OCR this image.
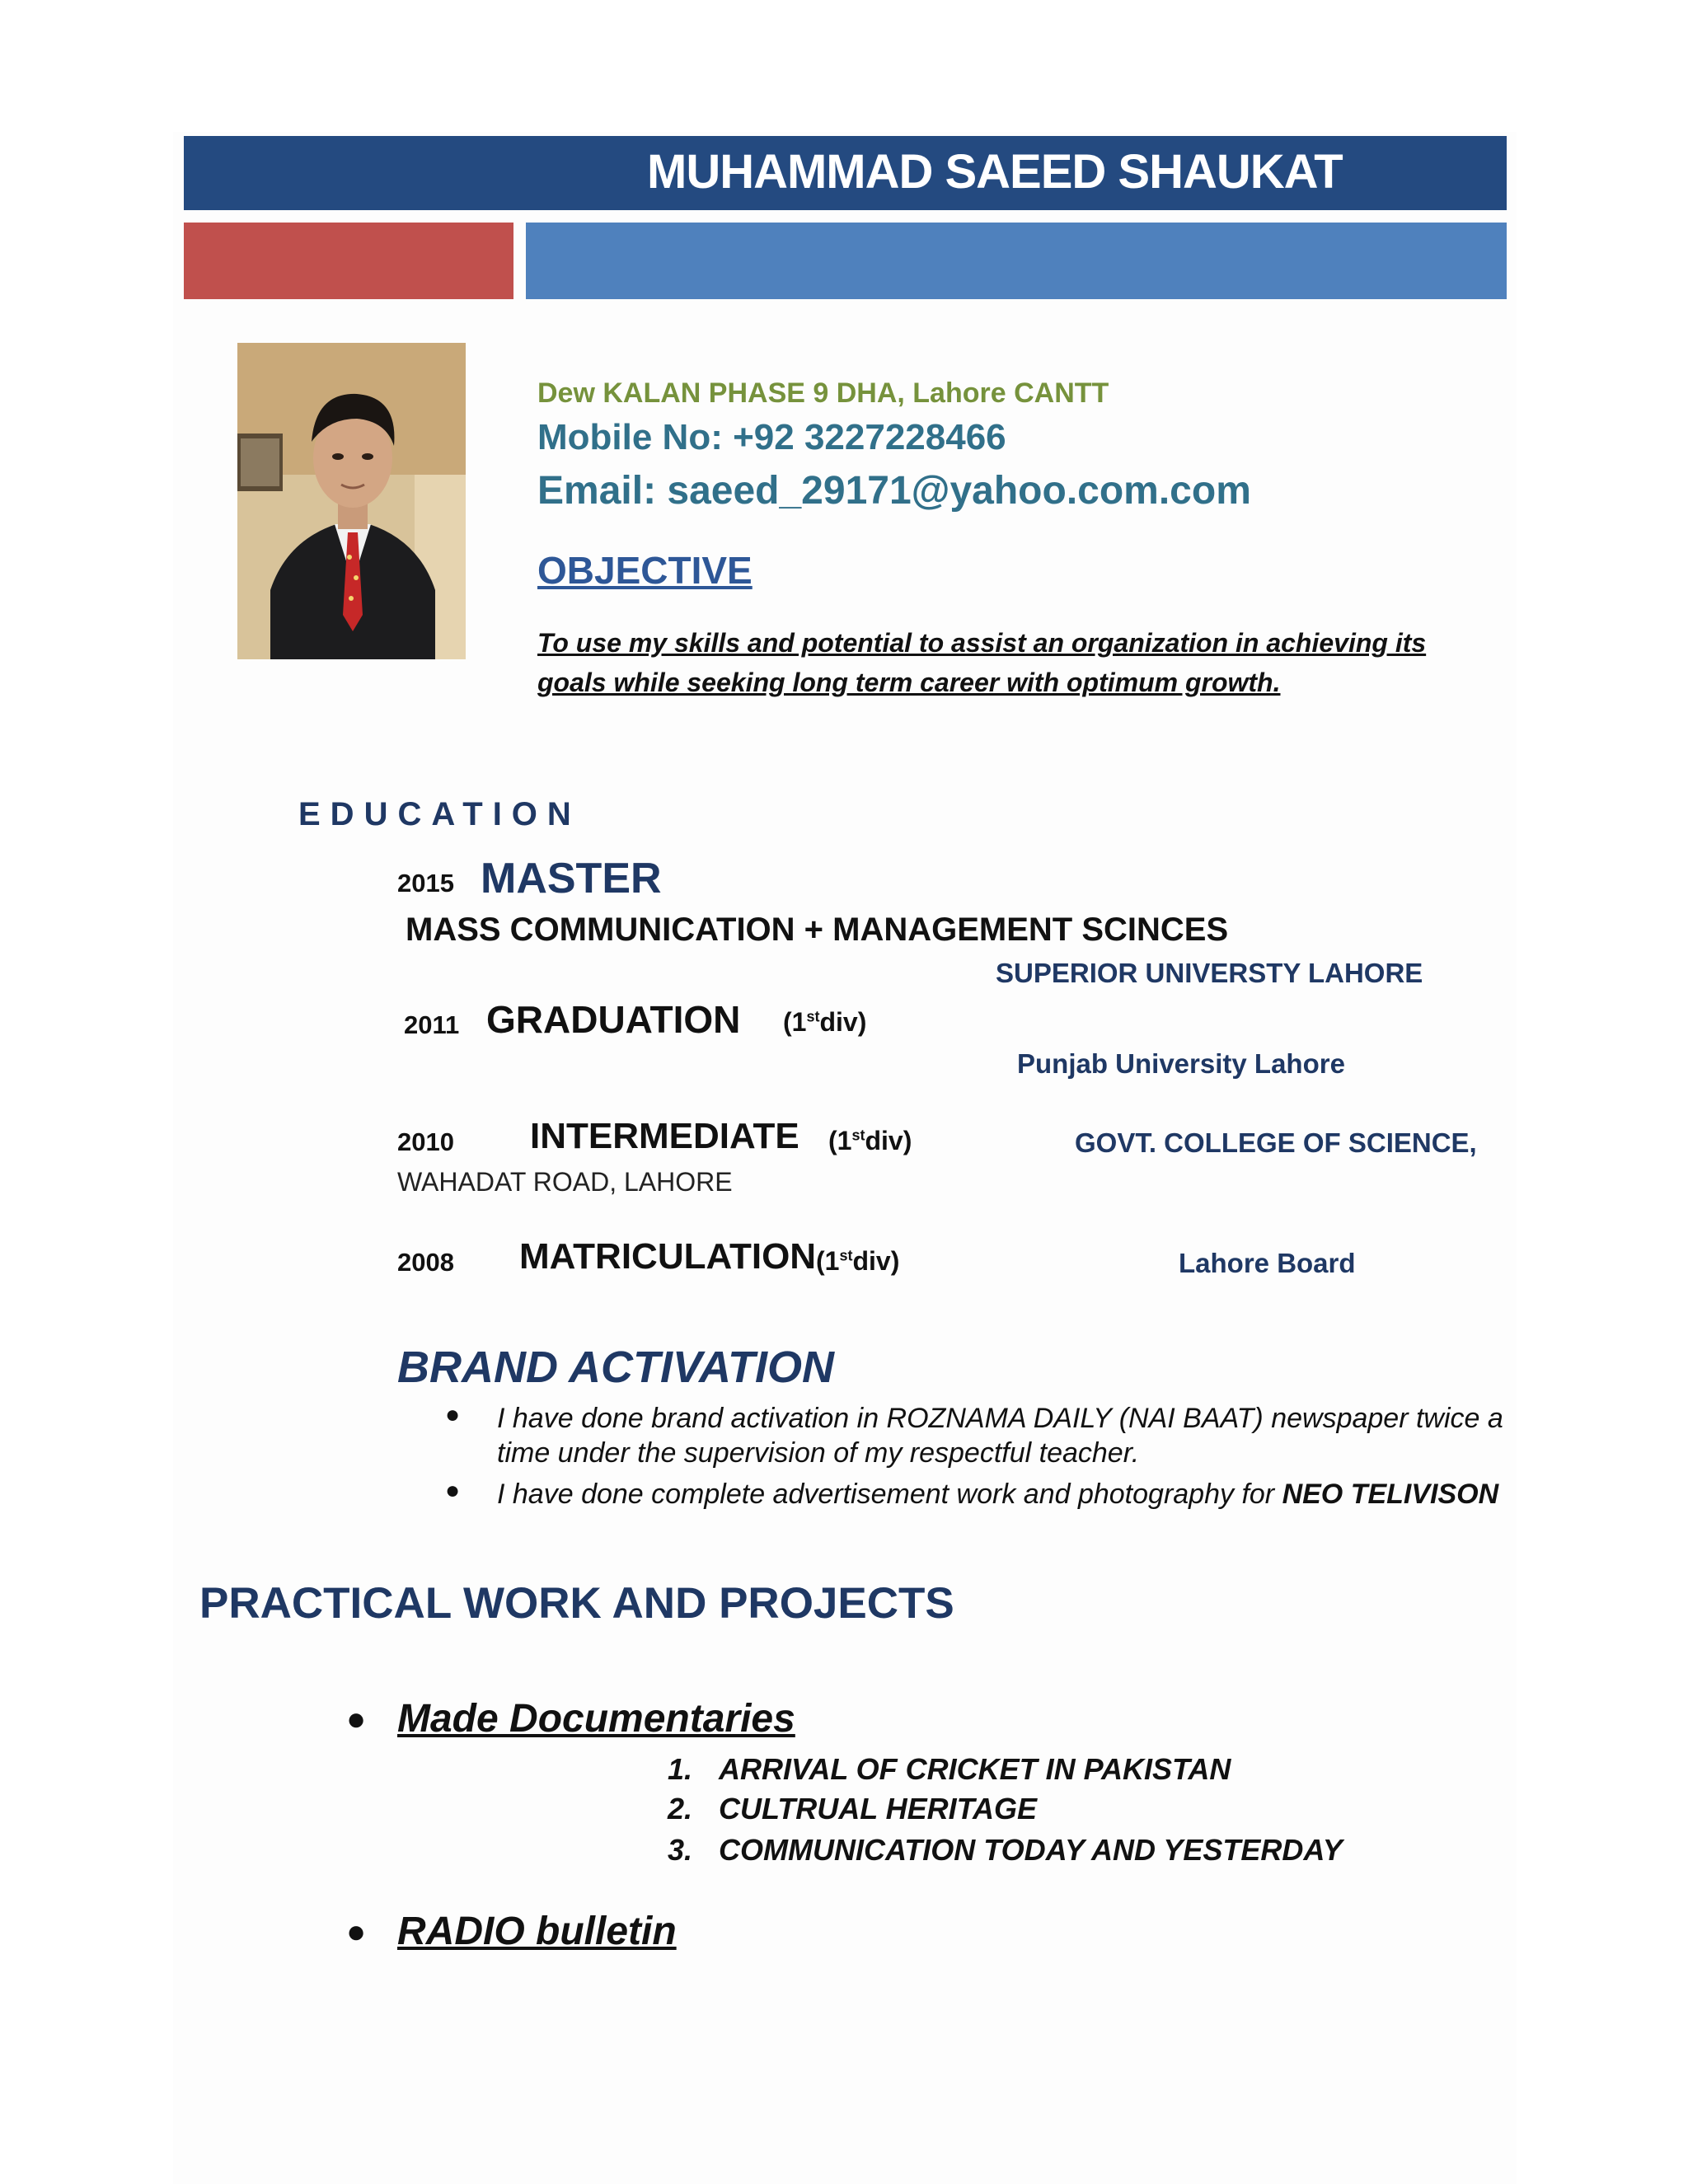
MUHAMMAD SAEED SHAUKAT
Dew KALAN PHASE 9 DHA, Lahore CANTT
Mobile No: +92 3227228466
Email: saeed_29171@yahoo.com.com
OBJECTIVE
To use my skills and potential to assist an organization in achieving its goals while seeking long term career with optimum growth.
EDUCATION
2015 MASTER
MASS COMMUNICATION + MANAGEMENT SCINCES
SUPERIOR UNIVERSTY LAHORE
2011 GRADUATION (1stdiv)
Punjab University Lahore
2010 INTERMEDIATE (1stdiv)	GOVT. COLLEGE OF SCIENCE,
WAHADAT ROAD, LAHORE
2008 MATRICULATION (1stdiv)	Lahore Board
BRAND ACTIVATION
● I have done brand activation in ROZNAMA DAILY (NAI BAAT) newspaper twice a
time under the supervision of my respectful teacher.
● I have done complete advertisement work and photography for NEO TELIVISON
PRACTICAL WORK AND PROJECTS
● Made Documentaries
1. ARRIVAL OF CRICKET IN PAKISTAN
2. CULTRUAL HERITAGE
3. COMMUNICATION TODAY AND YESTERDAY
● RADIO bulletin
